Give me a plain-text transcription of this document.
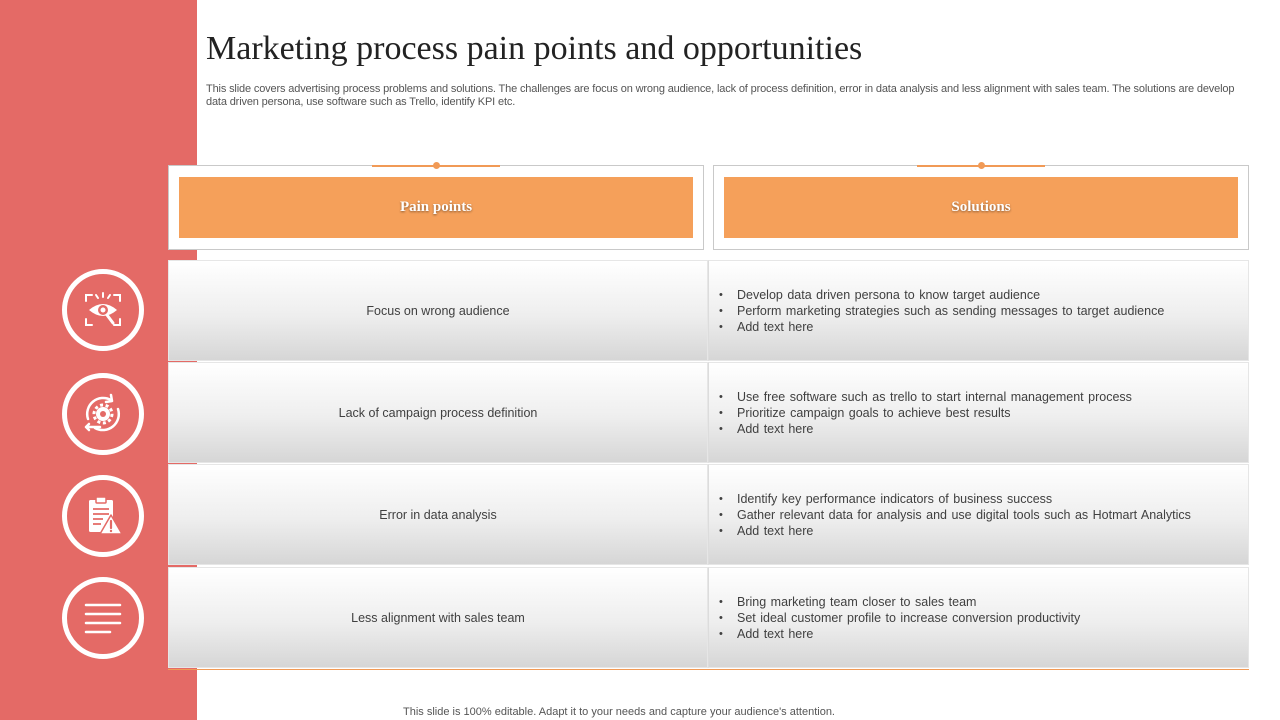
Marketing process pain points and opportunities
This slide covers advertising process problems and solutions. The challenges are focus on wrong audience, lack of process definition, error in data analysis and less alignment with sales team. The solutions are develop data driven persona, use software such as Trello, identify KPI etc.
Pain points	Solutions
Focus on wrong audience
• Develop data driven persona to know target audience
• Perform marketing strategies such as sending messages to target audience
• Add text here
Lack of campaign process definition
• Use free software such as trello to start internal management process
• Prioritize campaign goals to achieve best results
• Add text here
Error in data analysis
• Identify key performance indicators of business success
• Gather relevant data for analysis and use digital tools such as Hotmart Analytics
• Add text here
Less alignment with sales team
• Bring marketing team closer to sales team
• Set ideal customer profile to increase conversion productivity
• Add text here
This slide is 100% editable. Adapt it to your needs and capture your audience's attention.
